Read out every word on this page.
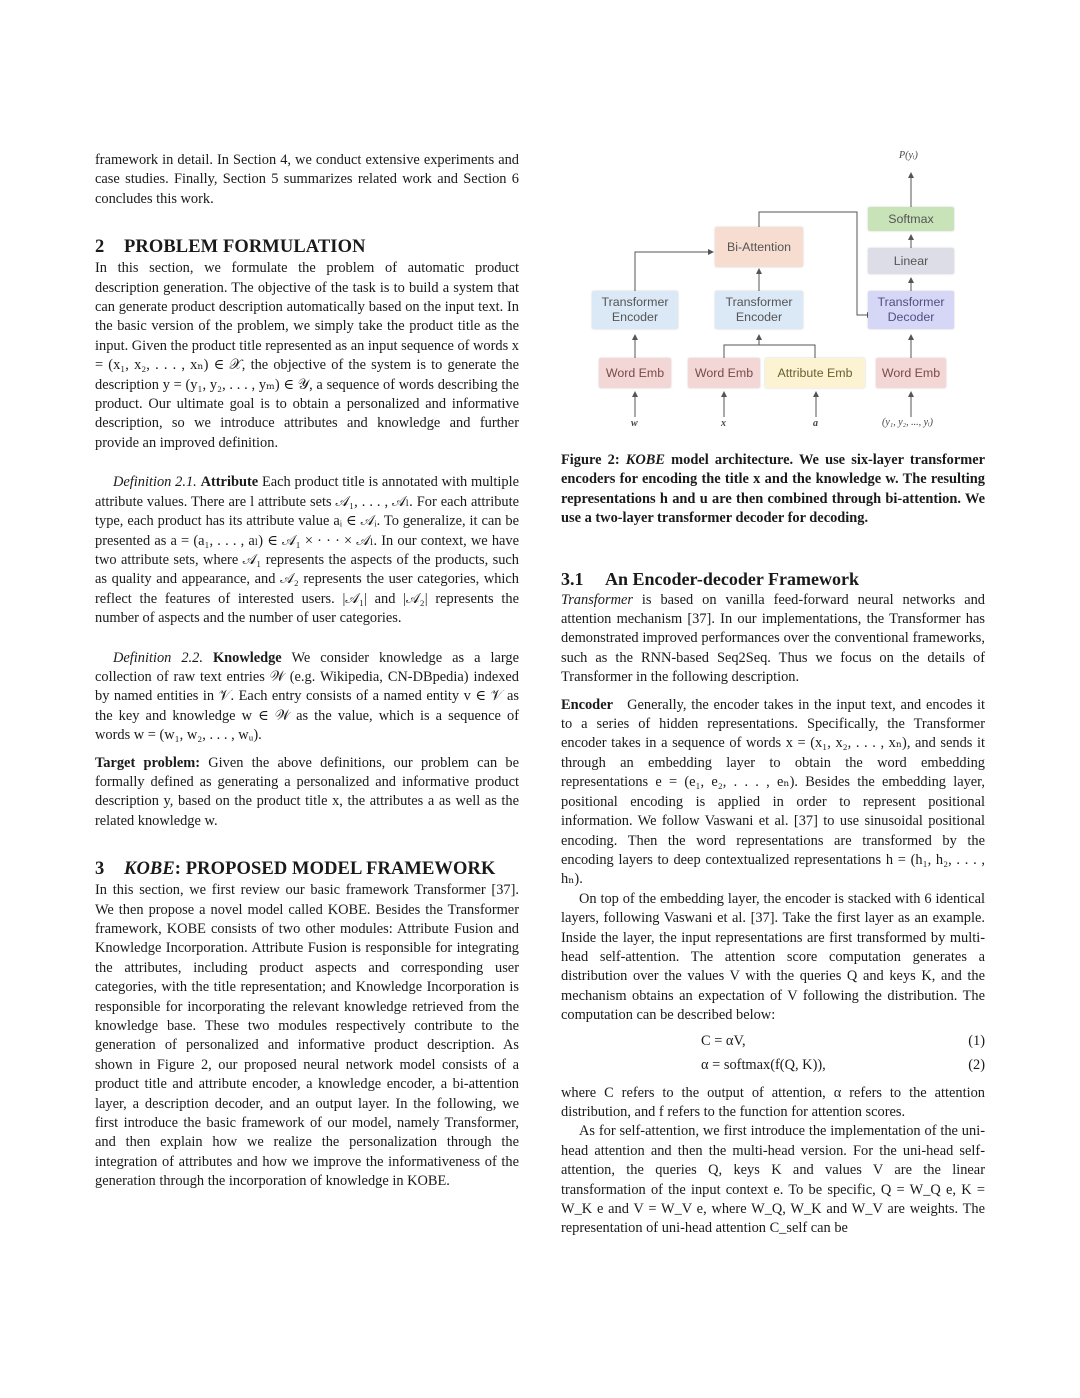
framework in detail. In Section 4, we conduct extensive experiments and case studies. Finally, Section 5 summarizes related work and Section 6 concludes this work.

2 PROBLEM FORMULATION

In this section, we formulate the problem of automatic product description generation. The objective of the task is to build a system that can generate product description automatically based on the input text. In the basic version of the problem, we simply take the product title as the input. Given the product title represented as an input sequence of words x = (x₁, x₂, . . . , xₙ) ∈ 𝒳, the objective of the system is to generate the description y = (y₁, y₂, . . . , yₘ) ∈ 𝒴, a sequence of words describing the product. Our ultimate goal is to obtain a personalized and informative description, so we introduce attributes and knowledge and further provide an improved definition.

Definition 2.1. Attribute Each product title is annotated with multiple attribute values. There are l attribute sets 𝒜₁, . . . , 𝒜ₗ. For each attribute type, each product has its attribute value aᵢ ∈ 𝒜ᵢ. To generalize, it can be presented as a = (a₁, . . . , aₗ) ∈ 𝒜₁ × · · · × 𝒜ₗ. In our context, we have two attribute sets, where 𝒜₁ represents the aspects of the products, such as quality and appearance, and 𝒜₂ represents the user categories, which reflect the features of interested users. |𝒜₁| and |𝒜₂| represents the number of aspects and the number of user categories.

Definition 2.2. Knowledge We consider knowledge as a large collection of raw text entries 𝒲 (e.g. Wikipedia, CN-DBpedia) indexed by named entities in 𝒱. Each entry consists of a named entity v ∈ 𝒱 as the key and knowledge w ∈ 𝒲 as the value, which is a sequence of words w = (w₁, w₂, . . . , wᵤ).

Target problem: Given the above definitions, our problem can be formally defined as generating a personalized and informative product description y, based on the product title x, the attributes a as well as the related knowledge w.

3 KOBE: PROPOSED MODEL FRAMEWORK

In this section, we first review our basic framework Transformer [37]. We then propose a novel model called KOBE. Besides the Transformer framework, KOBE consists of two other modules: Attribute Fusion and Knowledge Incorporation. Attribute Fusion is responsible for integrating the attributes, including product aspects and corresponding user categories, with the title representation; and Knowledge Incorporation is responsible for incorporating the relevant knowledge retrieved from the knowledge base. These two modules respectively contribute to the generation of personalized and informative product description. As shown in Figure 2, our proposed neural network model consists of a product title and attribute encoder, a knowledge encoder, a bi-attention layer, a description decoder, and an output layer. In the following, we first introduce the basic framework of our model, namely Transformer, and then explain how we realize the personalization through the integration of attributes and how we improve the informativeness of the generation through the incorporation of knowledge in KOBE.

P(yᵢ)
Softmax
Linear
Bi-Attention
Transformer Encoder
Transformer Encoder
Transformer Decoder
Word Emb	Word Emb	Attribute Emb	Word Emb
w	x	a	(y₁, y₂, ..., yᵢ)

Figure 2: KOBE model architecture. We use six-layer transformer encoders for encoding the title x and the knowledge w. The resulting representations h and u are then combined through bi-attention. We use a two-layer transformer decoder for decoding.

3.1 An Encoder-decoder Framework

Transformer is based on vanilla feed-forward neural networks and attention mechanism [37]. In our implementations, the Transformer has demonstrated improved performances over the conventional frameworks, such as the RNN-based Seq2Seq. Thus we focus on the details of Transformer in the following description.

Encoder Generally, the encoder takes in the input text, and encodes it to a series of hidden representations. Specifically, the Transformer encoder takes in a sequence of words x = (x₁, x₂, . . . , xₙ), and sends it through an embedding layer to obtain the word embedding representations e = (e₁, e₂, . . . , eₙ). Besides the embedding layer, positional encoding is applied in order to represent positional information. We follow Vaswani et al. [37] to use sinusoidal positional encoding. Then the word representations are transformed by the encoding layers to deep contextualized representations h = (h₁, h₂, . . . , hₙ).

On top of the embedding layer, the encoder is stacked with 6 identical layers, following Vaswani et al. [37]. Take the first layer as an example. Inside the layer, the input representations are first transformed by multi-head self-attention. The attention score computation generates a distribution over the values V with the queries Q and keys K, and the mechanism obtains an expectation of V following the distribution. The computation can be described below:

C = αV,	(1)
α = softmax(f(Q, K)),	(2)

where C refers to the output of attention, α refers to the attention distribution, and f refers to the function for attention scores.

As for self-attention, we first introduce the implementation of the uni-head attention and then the multi-head version. For the uni-head self-attention, the queries Q, keys K and values V are the linear transformation of the input context e. To be specific, Q = W_Q e, K = W_K e and V = W_V e, where W_Q, W_K and W_V are weights. The representation of uni-head attention C_self can be
